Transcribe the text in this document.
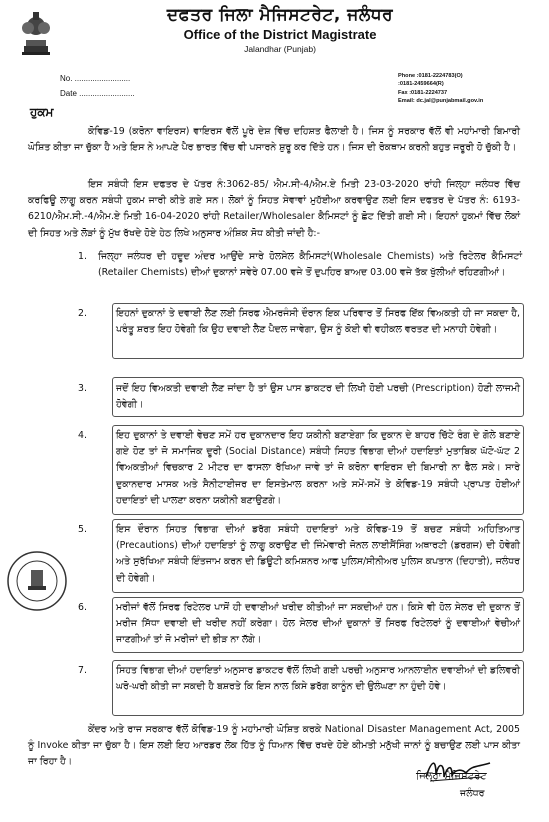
ਦਫਤਰ ਜਿਲਾ ਮੈਜਿਸਟਰੇਟ, ਜਲੰਧਰ
Office of the District Magistrate
Jalandhar (Punjab)
No. .........................
Date .........................
Phone :0181-2224783(O)
:0181-2459664(R)
Fax :0181-2224737
Email: dc.jal@punjabmail.gov.in
ਹੁਕਮ

ਕੋਵਿਡ-19 (ਕਰੋਨਾ ਵਾਇਰਸ) ਵਾਇਰਸ ਵੱਲੋਂ ਪੂਰੇ ਦੇਸ਼ ਵਿੱਚ ਦਹਿਸ਼ਤ ਫੈਲਾਈ ਹੈ। ਜਿਸ ਨੂੰ ਸਰਕਾਰ ਵੱਲੋਂ ਵੀ ਮਹਾਂਮਾਰੀ ਬਿਮਾਰੀ ਘੋਸ਼ਿਤ ਕੀਤਾ ਜਾ ਚੁੱਕਾ ਹੈ ਅਤੇ ਇਸ ਨੇ ਆਪਣੇ ਪੈਰ ਭਾਰਤ ਵਿੱਚ ਵੀ ਪਸਾਰਨੇ ਸ਼ੁਰੂ ਕਰ ਦਿੱਤੇ ਹਨ। ਜਿਸ ਦੀ ਰੋਕਥਾਮ ਕਰਨੀ ਬਹੁਤ ਜਰੂਰੀ ਹੋ ਚੁੱਕੀ ਹੈ।

ਇਸ ਸਬੰਧੀ ਇਸ ਦਫਤਰ ਦੇ ਪੱਤਰ ਨੰ:3062-85/ ਐਮ.ਸੀ-4/ਐਮ.ਏ ਮਿਤੀ 23-03-2020 ਰਾਂਹੀ ਜਿਲ੍ਹਾ ਜਲੰਧਰ ਵਿੱਚ ਕਰਫਿਊ ਲਾਗੂ ਕਰਨ ਸਬੰਧੀ ਹੁਕਮ ਜਾਰੀ ਕੀਤੇ ਗਏ ਸਨ। ਲੋਕਾਂ ਨੂੰ ਸਿਹਤ ਸੇਵਾਵਾਂ ਮੁਹੱਈਆ ਕਰਵਾਉਣ ਲਈ ਇਸ ਦਫਤਰ ਦੇ ਪੱਤਰ ਨੰ: 6193-6210/ਐਮ.ਸੀ.-4/ਐਮ.ਏ ਮਿਤੀ 16-04-2020 ਰਾਂਹੀ Retailer/Wholesaler ਕੈਮਿਸਟਾਂ ਨੂੰ ਛੋਟ ਦਿੱਤੀ ਗਈ ਸੀ। ਇਹਨਾਂ ਹੁਕਮਾਂ ਵਿੱਚ ਲੋਕਾਂ ਦੀ ਸਿਹਤ ਅਤੇ ਲੋੜਾਂ ਨੂੰ ਮੁੱਖ ਰੱਖਦੇ ਹੋਏ ਹੇਠ ਲਿਖੇ ਅਨੁਸਾਰ ਅੰਸ਼ਿਕ ਸੋਧ ਕੀਤੀ ਜਾਂਦੀ ਹੈ:-

1. ਜਿਲ੍ਹਾ ਜਲੰਧਰ ਦੀ ਹਦੂਦ ਅੰਦਰ ਆਉਂਦੇ ਸਾਰੇ ਹੋਲਸੇਲ ਕੈਮਿਸਟਾਂ(Wholesale Chemists) ਅਤੇ ਰਿਟੇਲਰ ਕੈਮਿਸਟਾਂ (Retailer Chemists) ਦੀਆਂ ਦੁਕਾਨਾਂ ਸਵੇਰੇ 07.00 ਵਜੇ ਤੋਂ ਦੁਪਹਿਰ ਬਾਅਦ 03.00 ਵਜੇ ਤੱਕ ਖੁੱਲੀਆਂ ਰਹਿਣਗੀਆਂ।
2.	ਇਹਨਾਂ ਦੁਕਾਨਾਂ ਤੇ ਦਵਾਈ ਲੈਣ ਲਈ ਸਿਰਫ ਐਮਰਜੰਸੀ ਦੌਰਾਨ ਇਕ ਪਰਿਵਾਰ ਤੋਂ ਸਿਰਫ ਇੱਕ ਵਿਅਕਤੀ ਹੀ ਜਾ ਸਕਦਾ ਹੈ, ਪਰੰਤੂ ਸ਼ਰਤ ਇਹ ਹੋਵੇਗੀ ਕਿ ਉਹ ਦਵਾਈ ਲੈਣ ਪੈਦਲ ਜਾਵੇਗਾ, ਉਸ ਨੂੰ ਕੋਈ ਵੀ ਵਹੀਕਲ ਵਰਤਣ ਦੀ ਮਨਾਹੀ ਹੋਵੇਗੀ।
3.	ਜਦੋਂ ਇਹ ਵਿਅਕਤੀ ਦਵਾਈ ਲੈਣ ਜਾਂਦਾ ਹੈ ਤਾਂ ਉਸ ਪਾਸ ਡਾਕਟਰ ਦੀ ਲਿਖੀ ਹੋਈ ਪਰਚੀ (Prescription) ਹੋਣੀ ਲਾਜਮੀ ਹੋਵੇਗੀ।
4.	ਇਹ ਦੁਕਾਨਾਂ ਤੇ ਦਵਾਈ ਵੇਚਣ ਸਮੇਂ ਹਰ ਦੁਕਾਨਦਾਰ ਇਹ ਯਕੀਨੀ ਬਣਾਏਗਾ ਕਿ ਦੁਕਾਨ ਦੇ ਬਾਹਰ ਚਿੱਟੇ ਰੰਗ ਦੇ ਗੋਲੇ ਬਣਾਏ ਗਏ ਹੋਣ ਤਾਂ ਜੋ ਸਮਾਜਿਕ ਦੂਰੀ (Social Distance) ਸਬੰਧੀ ਸਿਹਤ ਵਿਭਾਗ ਦੀਆਂ ਹਦਾਇਤਾਂ ਮੁਤਾਬਿਕ ਘੱਟੋ-ਘੱਟ 2 ਵਿਅਕਤੀਆਂ ਵਿਚਕਾਰ 2 ਮੀਟਰ ਦਾ ਫਾਸਲਾ ਰੱਖਿਆ ਜਾਵੇ ਤਾਂ ਜੋ ਕਰੋਨਾ ਵਾਇਰਸ ਦੀ ਬਿਮਾਰੀ ਨਾ ਫੈਲ ਸਕੇ। ਸਾਰੇ ਦੁਕਾਨਦਾਰ ਮਾਸਕ ਅਤੇ ਸੈਨੀਟਾਈਜਰ ਦਾ ਇਸਤੇਮਾਲ ਕਰਨਾ ਅਤੇ ਸਮੇਂ-ਸਮੇਂ ਤੇ ਕੋਵਿਡ-19 ਸਬੰਧੀ ਪ੍ਰਾਪਤ ਹੋਈਆਂ ਹਦਾਇਤਾਂ ਦੀ ਪਾਲਣਾ ਕਰਨਾ ਯਕੀਨੀ ਬਣਾਉਣਗੇ।
5.	ਇਸ ਦੌਰਾਨ ਸਿਹਤ ਵਿਭਾਗ ਦੀਆਂ ਡਰੱਗ ਸਬੰਧੀ ਹਦਾਇਤਾਂ ਅਤੇ ਕੋਵਿਡ-19 ਤੋਂ ਬਚਣ ਸਬੰਧੀ ਅਹਿਤਿਆਤ (Precautions) ਦੀਆਂ ਹਦਾਇਤਾਂ ਨੂੰ ਲਾਗੂ ਕਰਾਉਣ ਦੀ ਜਿੰਮੇਵਾਰੀ ਜੋਨਲ ਲਾਈਸੈਂਸਿੰਗ ਅਥਾਰਟੀ (ਡਰਗਜ) ਦੀ ਹੋਵੇਗੀ ਅਤੇ ਸੁਰੱਖਿਆ ਸਬੰਧੀ ਇੰਤਜਾਮ ਕਰਨ ਦੀ ਡਿਊਟੀ ਕਮਿਸ਼ਨਰ ਆਫ ਪੁਲਿਸ/ਸੀਨੀਅਰ ਪੁਲਿਸ ਕਪਤਾਨ (ਦਿਹਾਤੀ), ਜਲੰਧਰ ਦੀ ਹੋਵੇਗੀ।
6.	ਮਰੀਜਾਂ ਵੱਲੋਂ ਸਿਰਫ ਰਿਟੇਲਰ ਪਾਸੋਂ ਹੀ ਦਵਾਈਆਂ ਖਰੀਦ ਕੀਤੀਆਂ ਜਾ ਸਕਦੀਆਂ ਹਨ। ਕਿਸੇ ਵੀ ਹੋਲ ਸੇਲਰ ਦੀ ਦੁਕਾਨ ਤੋਂ ਮਰੀਜ ਸਿੱਧਾ ਦਵਾਈ ਦੀ ਖਰੀਦ ਨਹੀਂ ਕਰੇਗਾ। ਹੋਲ ਸੇਲਰ ਦੀਆਂ ਦੁਕਾਨਾਂ ਤੋਂ ਸਿਰਫ ਰਿਟੇਲਰਾਂ ਨੂੰ ਦਵਾਈਆਂ ਵੇਚੀਆਂ ਜਾਣਗੀਆਂ ਤਾਂ ਜੋ ਮਰੀਜਾਂ ਦੀ ਭੀੜ ਨਾ ਲੱਗੇ।
7.	ਸਿਹਤ ਵਿਭਾਗ ਦੀਆਂ ਹਦਾਇਤਾਂ ਅਨੁਸਾਰ ਡਾਕਟਰ ਵੱਲੋਂ ਲਿਖੀ ਗਈ ਪਰਚੀ ਅਨੁਸਾਰ ਆਨਲਾਈਨ ਦਵਾਈਆਂ ਦੀ ਡਲਿਵਰੀ ਘਰੋ-ਘਰੀ ਕੀਤੀ ਜਾ ਸਕਦੀ ਹੈ ਬਸ਼ਰਤੇ ਕਿ ਇਸ ਨਾਲ ਕਿਸੇ ਡਰੱਗ ਕਾਨੂੰਨ ਦੀ ਉਲੰਘਣਾ ਨਾ ਹੁੰਦੀ ਹੋਵੇ।

ਕੇਂਦਰ ਅਤੇ ਰਾਜ ਸਰਕਾਰ ਵੱਲੋਂ ਕੋਵਿਡ-19 ਨੂੰ ਮਹਾਂਮਾਰੀ ਘੋਸ਼ਿਤ ਕਰਕੇ National Disaster Management Act, 2005 ਨੂੰ Invoke ਕੀਤਾ ਜਾ ਚੁੱਕਾ ਹੈ। ਇਸ ਲਈ ਇਹ ਆਰਡਰ ਲੋਕ ਹਿੱਤ ਨੂੰ ਧਿਆਨ ਵਿੱਚ ਰਖਦੇ ਹੋਏ ਕੀਮਤੀ ਮਨੁੱਖੀ ਜਾਨਾਂ ਨੂੰ ਬਚਾਉਣ ਲਈ ਪਾਸ ਕੀਤਾ ਜਾ ਰਿਹਾ ਹੈ।

ਜਿਲ੍ਹਾ ਮੈਜਿਸਟਰੇਟ
ਜਲੰਧਰ
